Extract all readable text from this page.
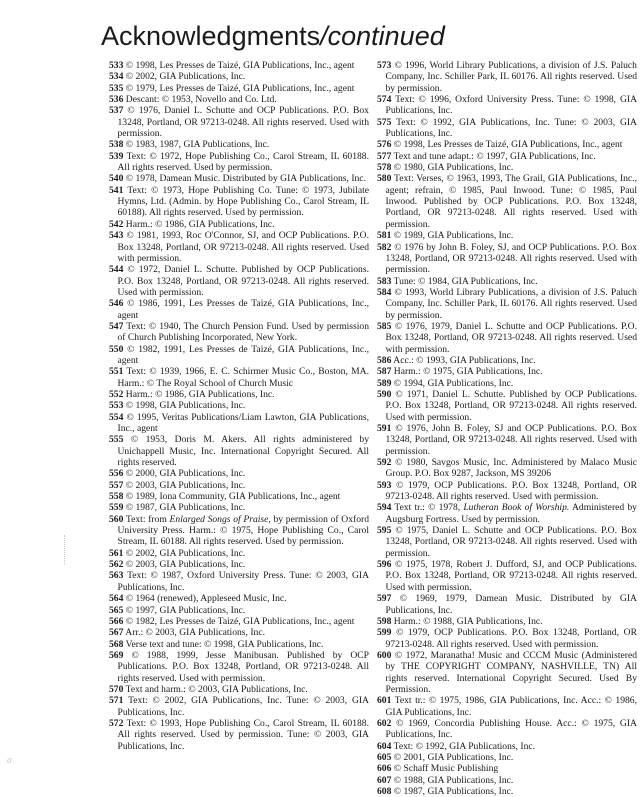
Acknowledgments/continued

533 © 1998, Les Presses de Taizé, GIA Publications, Inc., agent

534 © 2002, GIA Publications, Inc.

535 © 1979, Les Presses de Taizé, GIA Publications, Inc., agent

536 Descant: © 1953, Novello and Co. Ltd.

537 © 1976, Daniel L. Schutte and OCP Publications. P.O. Box 13248, Portland, OR 97213-0248. All rights reserved. Used with permission.

538 © 1983, 1987, GIA Publications, Inc.

539 Text: © 1972, Hope Publishing Co., Carol Stream, IL 60188. All rights reserved. Used by permission.

540 © 1978, Damean Music. Distributed by GIA Publications, Inc.

541 Text: © 1973, Hope Publishing Co. Tune: © 1973, Jubilate Hymns, Ltd. (Admin. by Hope Publishing Co., Carol Stream, IL 60188). All rights reserved. Used by permission.

542 Harm.: © 1986, GIA Publications, Inc.

543 © 1981, 1993, Roc O'Connor, SJ, and OCP Publications. P.O. Box 13248, Portland, OR 97213-0248. All rights reserved. Used with permission.

544 © 1972, Daniel L. Schutte. Published by OCP Publications. P.O. Box 13248, Portland, OR 97213-0248. All rights reserved. Used with permission.

546 © 1986, 1991, Les Presses de Taizé, GIA Publications, Inc., agent

547 Text: © 1940, The Church Pension Fund. Used by permission of Church Publishing Incorporated, New York.

550 © 1982, 1991, Les Presses de Taizé, GIA Publications, Inc., agent

551 Text: © 1939, 1966, E. C. Schirmer Music Co., Boston, MA. Harm.: © The Royal School of Church Music

552 Harm.: © 1986, GIA Publications, Inc.

553 © 1998, GIA Publications, Inc.

554 © 1995, Veritas Publications/Liam Lawton, GIA Publications, Inc., agent

555 © 1953, Doris M. Akers. All rights administered by Unichappell Music, Inc. International Copyright Secured. All rights reserved.

556 © 2000, GIA Publications, Inc.

557 © 2003, GIA Publications, Inc.

558 © 1989, Iona Community, GIA Publications, Inc., agent

559 © 1987, GIA Publications, Inc.

560 Text: from Enlarged Songs of Praise, by permission of Oxford University Press. Harm.: © 1975, Hope Publishing Co., Carol Stream, IL 60188. All rights reserved. Used by permission.

561 © 2002, GIA Publications, Inc.

562 © 2003, GIA Publications, Inc.

563 Text: © 1987, Oxford University Press. Tune: © 2003, GIA Publications, Inc.

564 © 1964 (renewed), Appleseed Music, Inc.

565 © 1997, GIA Publications, Inc.

566 © 1982, Les Presses de Taizé, GIA Publications, Inc., agent

567 Arr.: © 2003, GIA Publications, Inc.

568 Verse text and tune: © 1998, GIA Publications, Inc.

569 © 1988, 1999, Jesse Manibusan. Published by OCP Publications. P.O. Box 13248, Portland, OR 97213-0248. All rights reserved. Used with permission.

570 Text and harm.: © 2003, GIA Publications, Inc.

571 Text: © 2002, GIA Publications, Inc. Tune: © 2003, GIA Publications, Inc.

572 Text: © 1993, Hope Publishing Co., Carol Stream, IL 60188. All rights reserved. Used by permission. Tune: © 2003, GIA Publications, Inc.

573 © 1996, World Library Publications, a division of J.S. Paluch Company, Inc. Schiller Park, IL 60176. All rights reserved. Used by permission.

574 Text: © 1996, Oxford University Press. Tune: © 1998, GIA Publications, Inc.

575 Text: © 1992, GIA Publications, Inc. Tune: © 2003, GIA Publications, Inc.

576 © 1998, Les Presses de Taizé, GIA Publications, Inc., agent

577 Text and tune adapt.: © 1997, GIA Publications, Inc.

578 © 1980, GIA Publications, Inc.

580 Text: Verses, © 1963, 1993, The Grail, GIA Publications, Inc., agent; refrain, © 1985, Paul Inwood. Tune: © 1985, Paul Inwood. Published by OCP Publications. P.O. Box 13248, Portland, OR 97213-0248. All rights reserved. Used with permission.

581 © 1989, GIA Publications, Inc.

582 © 1976 by John B. Foley, SJ, and OCP Publications. P.O. Box 13248, Portland, OR 97213-0248. All rights reserved. Used with permission.

583 Tune: © 1984, GIA Publications, Inc.

584 © 1993, World Library Publications, a division of J.S. Paluch Company, Inc. Schiller Park, IL 60176. All rights reserved. Used by permission.

585 © 1976, 1979, Daniel L. Schutte and OCP Publications. P.O. Box 13248, Portland, OR 97213-0248. All rights reserved. Used with permission.

586 Acc.: © 1993, GIA Publications, Inc.

587 Harm.: © 1975, GIA Publications, Inc.

589 © 1994, GIA Publications, Inc.

590 © 1971, Daniel L. Schutte. Published by OCP Publications. P.O. Box 13248, Portland, OR 97213-0248. All rights reserved. Used with permission.

591 © 1976, John B. Foley, SJ and OCP Publications. P.O. Box 13248, Portland, OR 97213-0248. All rights reserved. Used with permission.

592 © 1980, Savgos Music, Inc. Administered by Malaco Music Group. P.O. Box 9287, Jackson, MS 39206

593 © 1979, OCP Publications. P.O. Box 13248, Portland, OR 97213-0248. All rights reserved. Used with permission.

594 Text tr.: © 1978, Lutheran Book of Worship. Administered by Augsburg Fortress. Used by permission.

595 © 1975, Daniel L. Schutte and OCP Publications. P.O. Box 13248, Portland, OR 97213-0248. All rights reserved. Used with permission.

596 © 1975, 1978, Robert J. Dufford, SJ, and OCP Publications. P.O. Box 13248, Portland, OR 97213-0248. All rights reserved. Used with permission.

597 © 1969, 1979, Damean Music. Distributed by GIA Publications, Inc.

598 Harm.: © 1988, GIA Publications, Inc.

599 © 1979, OCP Publications. P.O. Box 13248, Portland, OR 97213-0248. All rights reserved. Used with permission.

600 © 1972, Maranatha! Music and CCCM Music (Administered by THE COPYRIGHT COMPANY, NASHVILLE, TN) All rights reserved. International Copyright Secured. Used By Permission.

601 Text tr.: © 1975, 1986, GIA Publications, Inc. Acc.: © 1986, GIA Publications, Inc.

602 © 1969, Concordia Publishing House. Acc.: © 1975, GIA Publications, Inc.

604 Text: © 1992, GIA Publications, Inc.

605 © 2001, GIA Publications, Inc.

606 © Schaff Music Publishing

607 © 1988, GIA Publications, Inc.

608 © 1987, GIA Publications, Inc.

σ
